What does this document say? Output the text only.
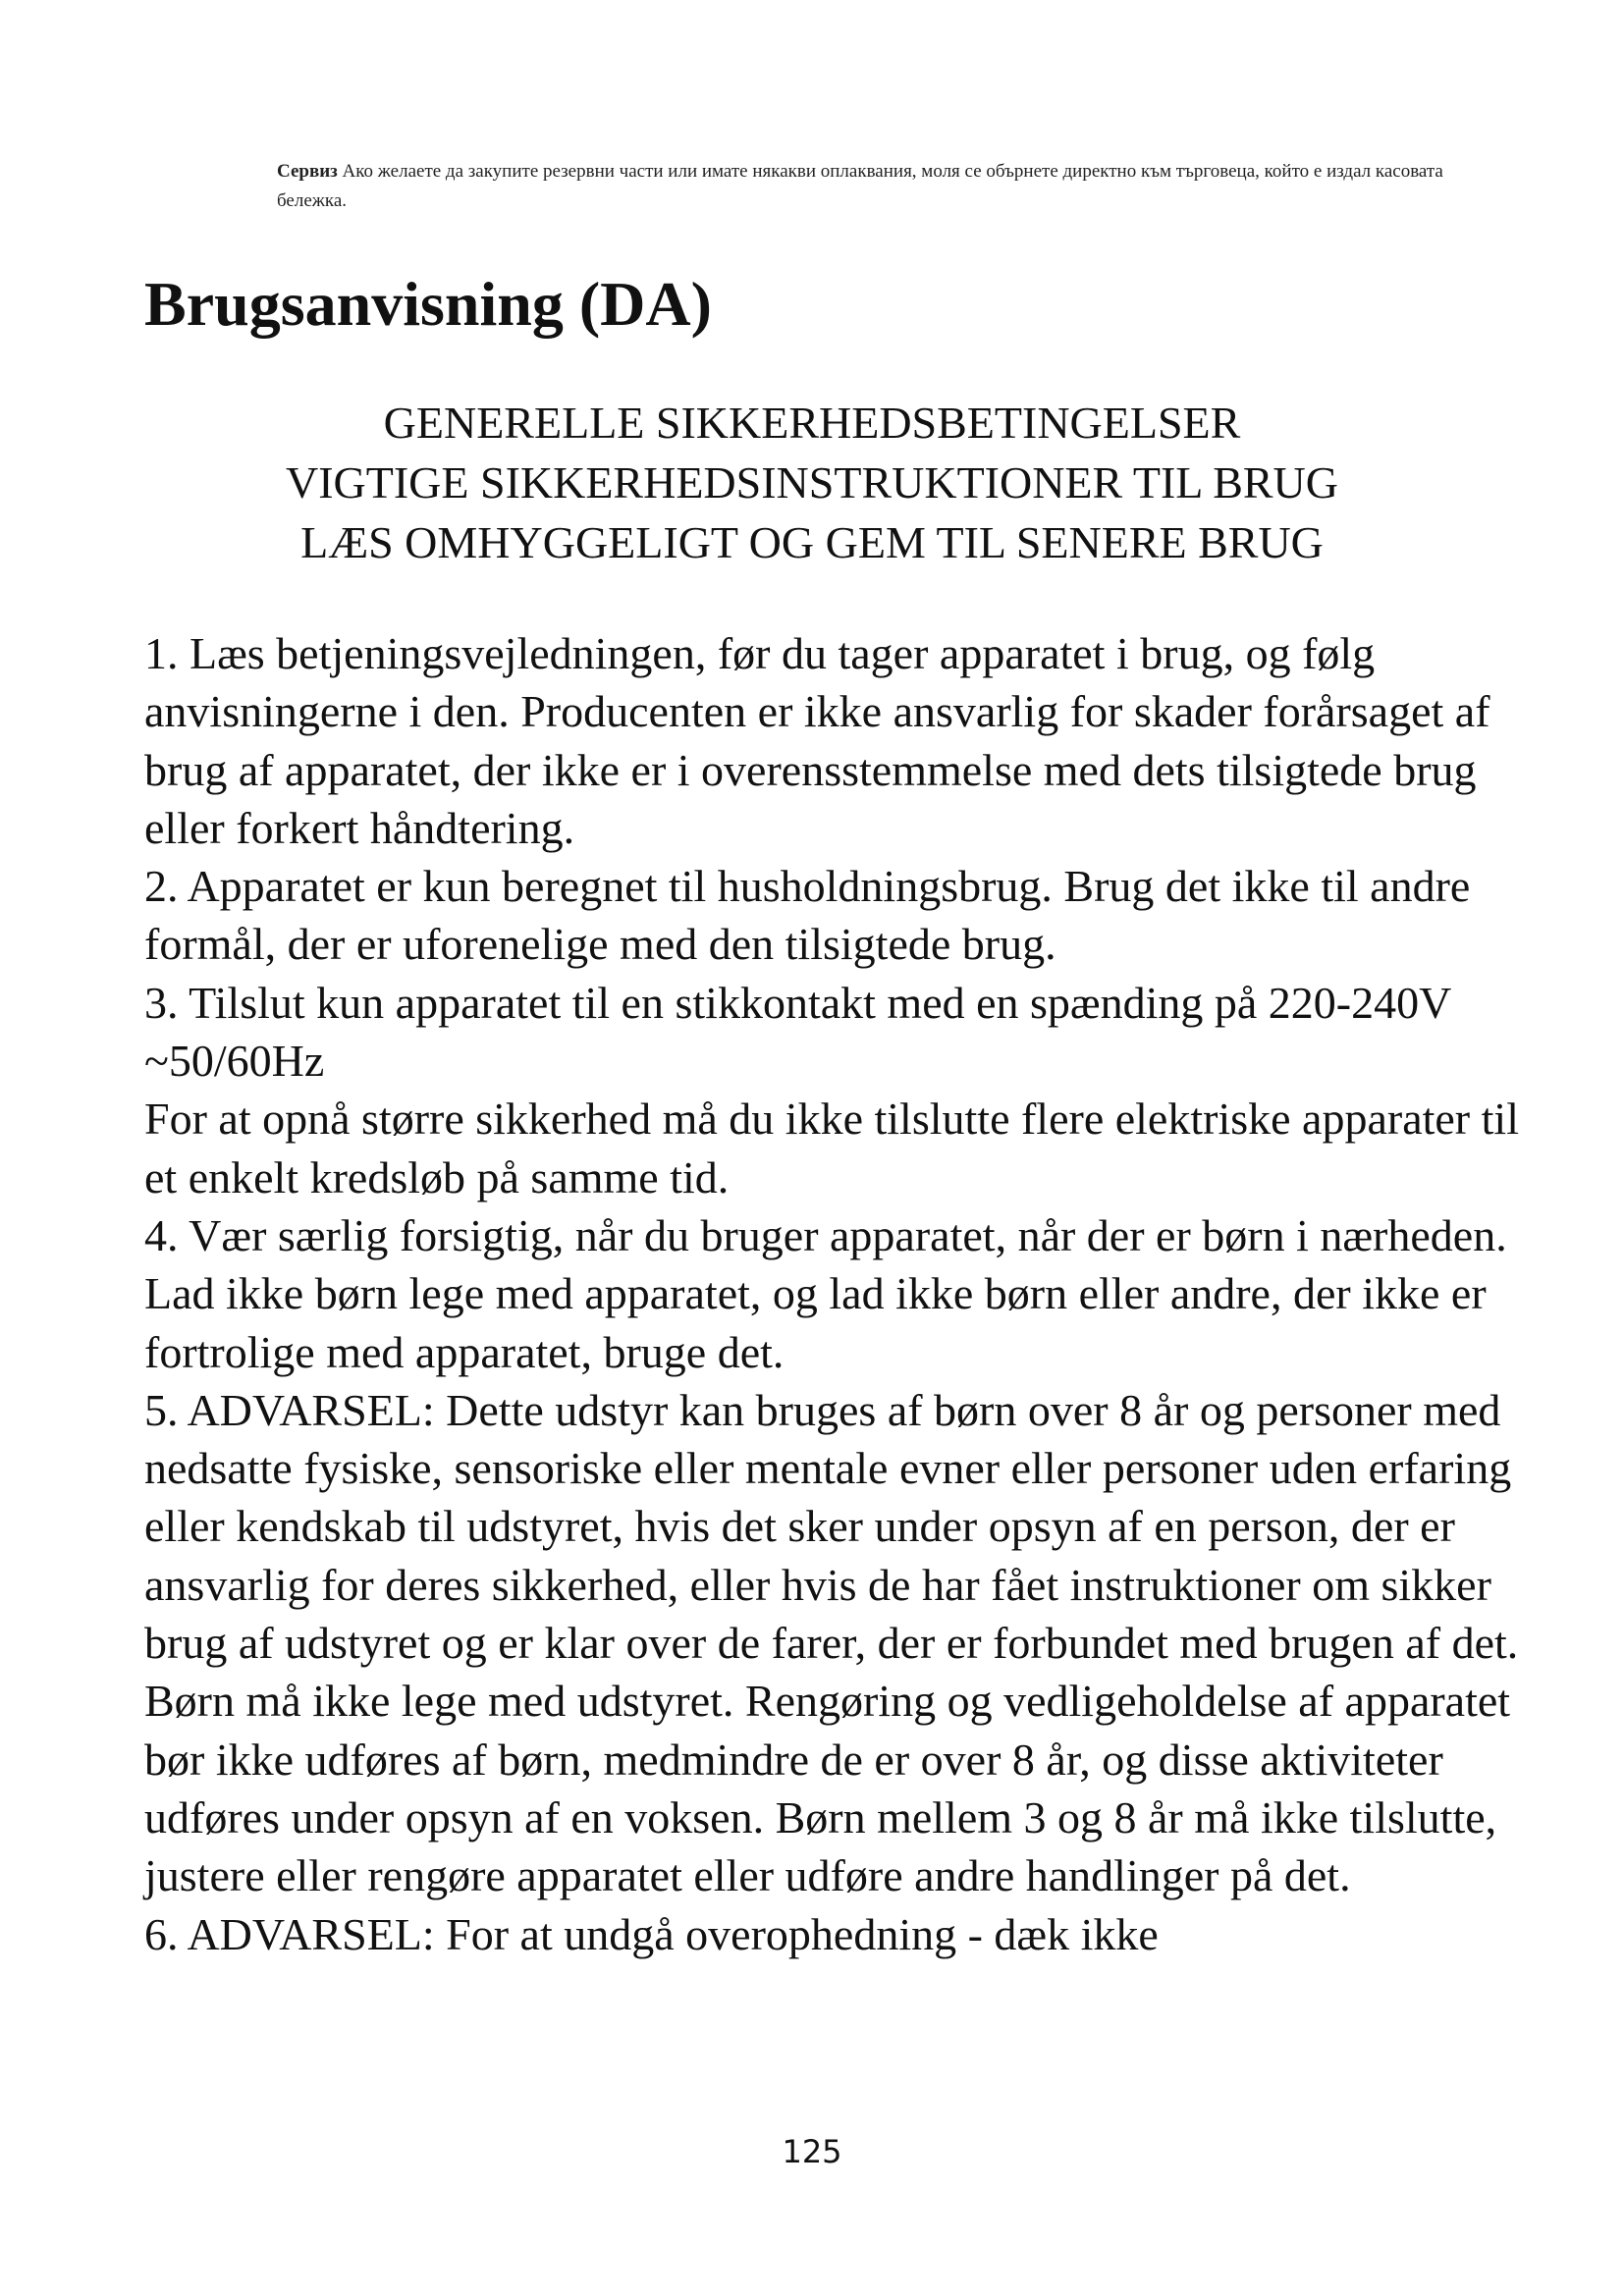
Сервиз Ако желаете да закупите резервни части или имате някакви оплаквания, моля се обърнете директно към търговеца, който е издал касовата бележка.
Brugsanvisning (DA)
GENERELLE SIKKERHEDSBETINGELSER
VIGTIGE SIKKERHEDSINSTRUKTIONER TIL BRUG
LÆS OMHYGGELIGT OG GEM TIL SENERE BRUG

1. Læs betjeningsvejledningen, før du tager apparatet i brug, og følg anvisningerne i den. Producenten er ikke ansvarlig for skader forårsaget af brug af apparatet, der ikke er i overensstemmelse med dets tilsigtede brug eller forkert håndtering.

2. Apparatet er kun beregnet til husholdningsbrug. Brug det ikke til andre formål, der er uforenelige med den tilsigtede brug.

3. Tilslut kun apparatet til en stikkontakt med en spænding på 220-240V ~50/60Hz

For at opnå større sikkerhed må du ikke tilslutte flere elektriske apparater til et enkelt kredsløb på samme tid.

4. Vær særlig forsigtig, når du bruger apparatet, når der er børn i nærheden. Lad ikke børn lege med apparatet, og lad ikke børn eller andre, der ikke er fortrolige med apparatet, bruge det.

5. ADVARSEL: Dette udstyr kan bruges af børn over 8 år og personer med nedsatte fysiske, sensoriske eller mentale evner eller personer uden erfaring eller kendskab til udstyret, hvis det sker under opsyn af en person, der er ansvarlig for deres sikkerhed, eller hvis de har fået instruktioner om sikker brug af udstyret og er klar over de farer, der er forbundet med brugen af det. Børn må ikke lege med udstyret. Rengøring og vedligeholdelse af apparatet bør ikke udføres af børn, medmindre de er over 8 år, og disse aktiviteter udføres under opsyn af en voksen. Børn mellem 3 og 8 år må ikke tilslutte, justere eller rengøre apparatet eller udføre andre handlinger på det.

6. ADVARSEL: For at undgå overophedning - dæk ikke

125
